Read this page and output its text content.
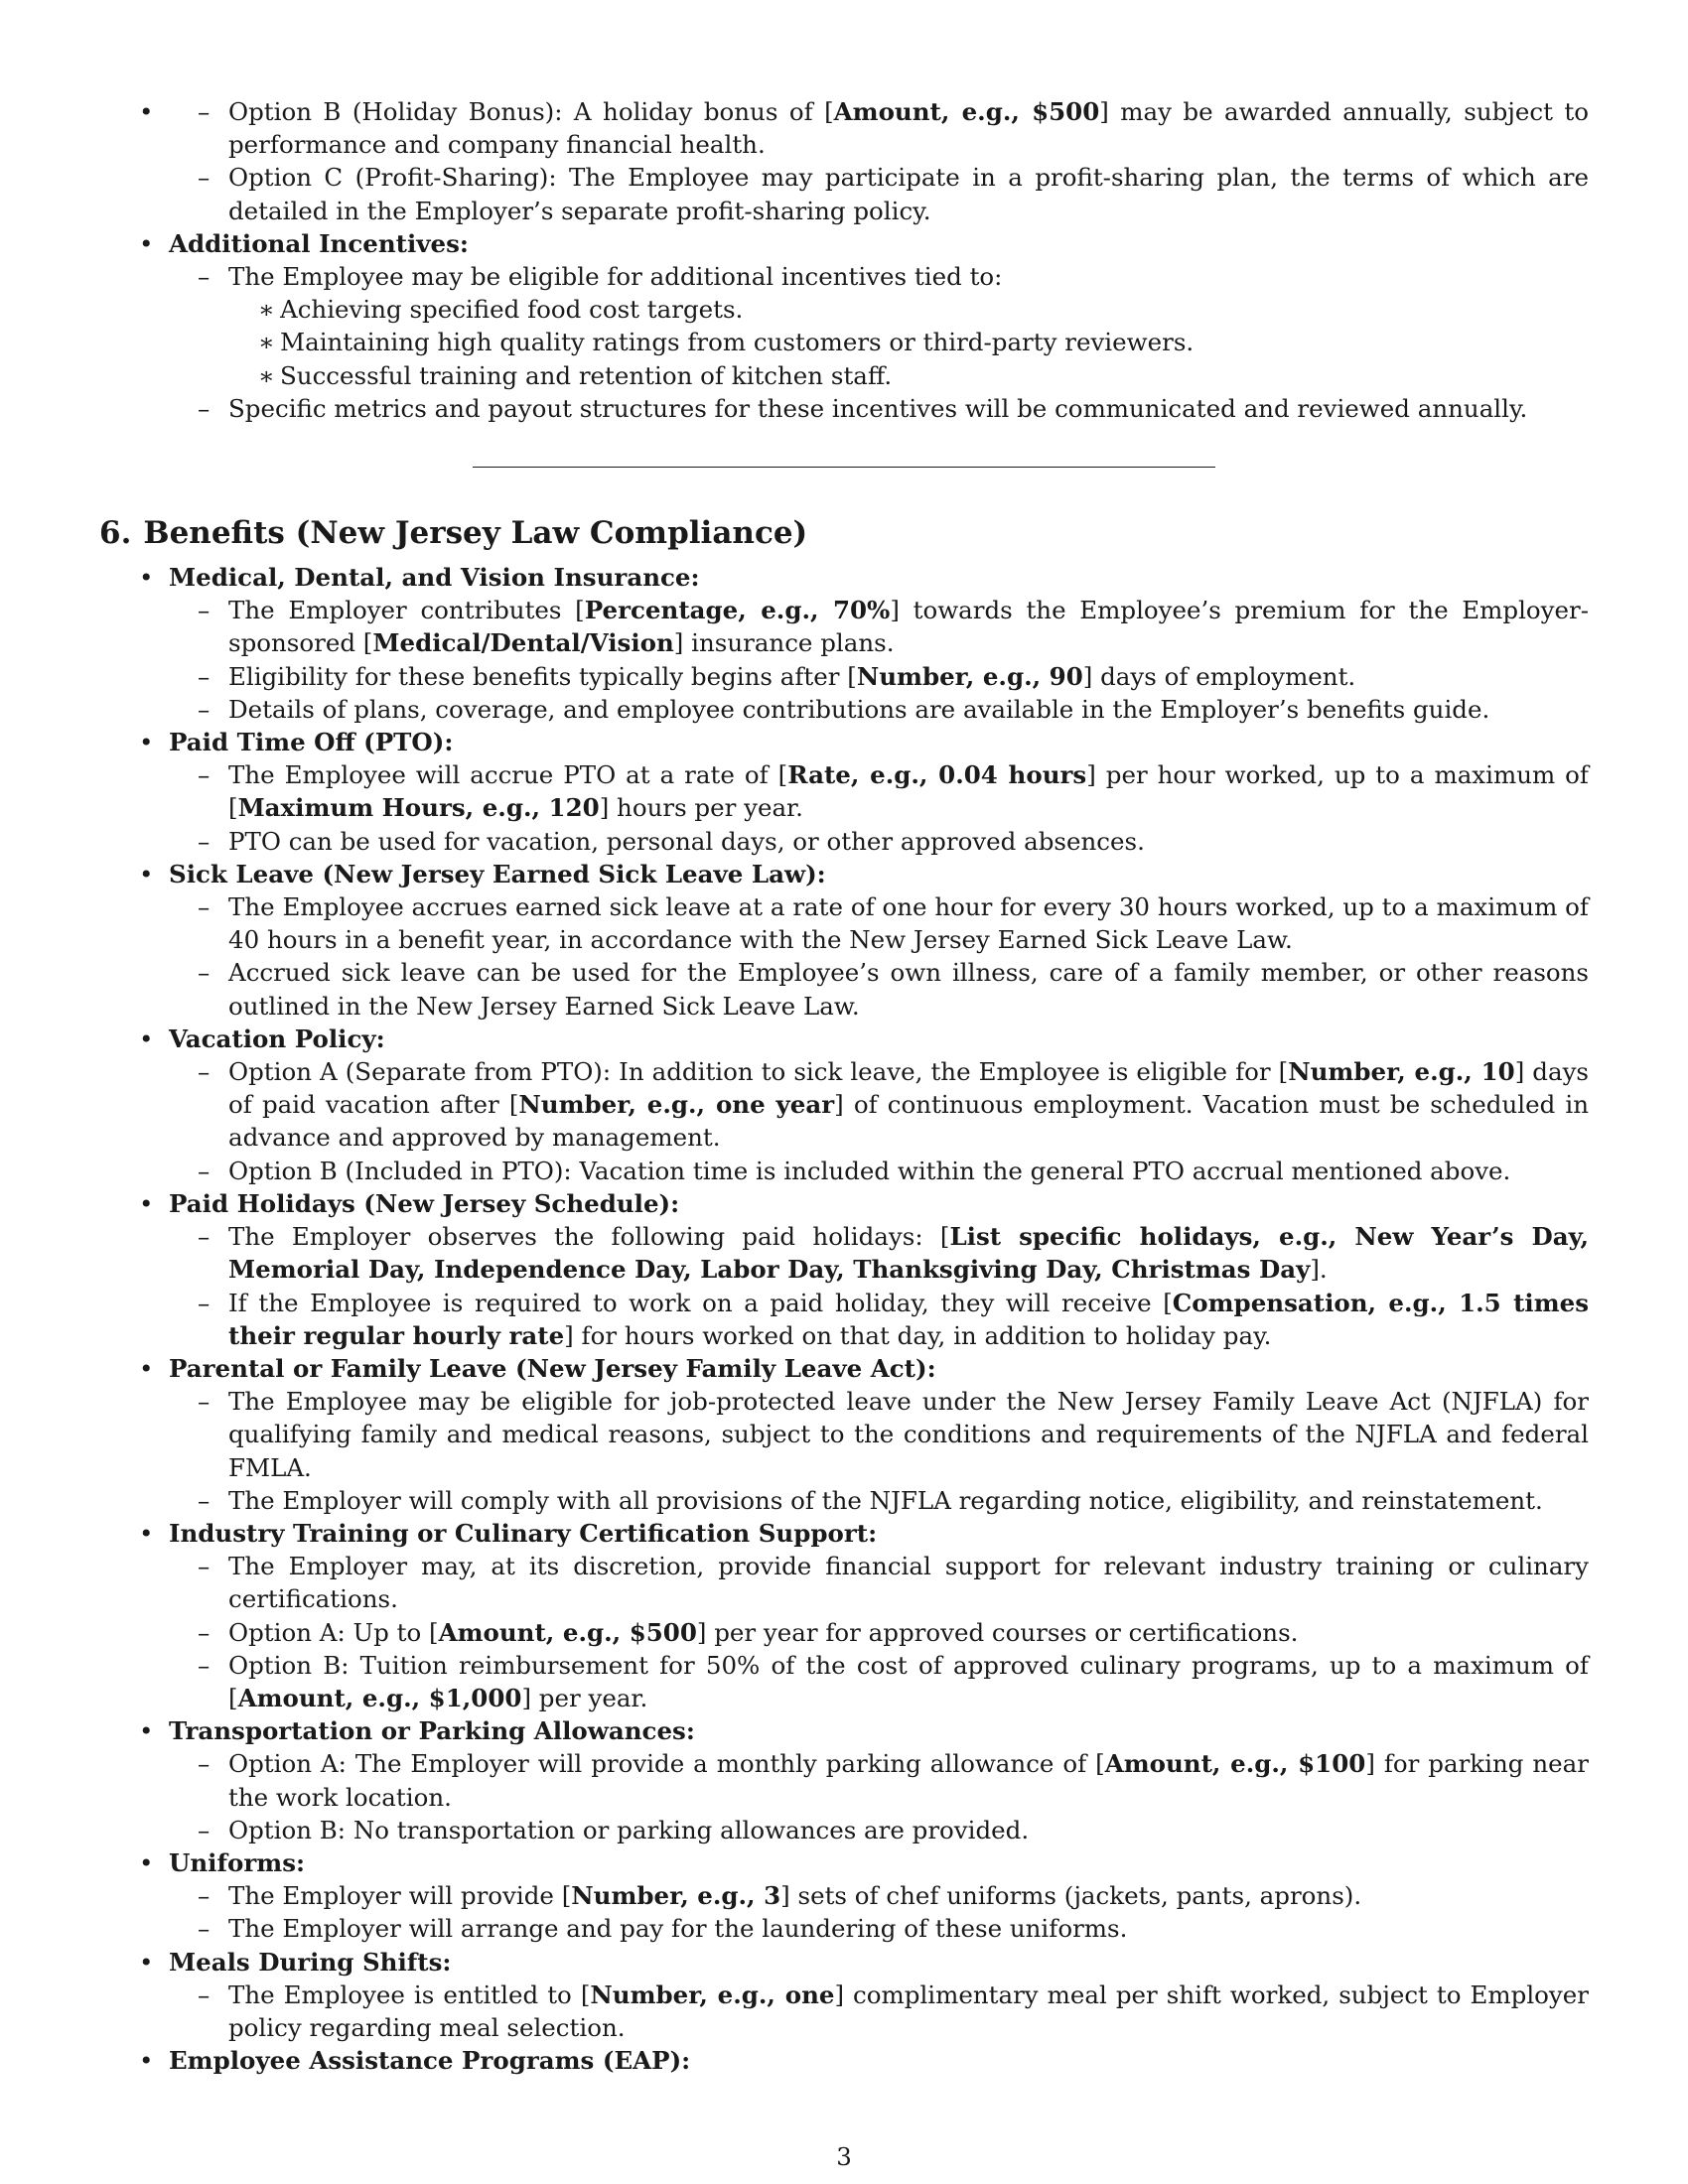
– • Option B (Holiday Bonus): A holiday bonus of [Amount, e.g., $500] may be awarded annually, subject to performance and company financial health.
– Option C (Profit-Sharing): The Employee may participate in a profit-sharing plan, the terms of which are detailed in the Employer’s separate profit-sharing policy.
• Additional Incentives:
– The Employee may be eligible for additional incentives tied to:
∗ Achieving specified food cost targets.
∗ Maintaining high quality ratings from customers or third-party reviewers.
∗ Successful training and retention of kitchen staff.
– Specific metrics and payout structures for these incentives will be communicated and reviewed annually.
6. Benefits (New Jersey Law Compliance)
• Medical, Dental, and Vision Insurance:
– The Employer contributes [Percentage, e.g., 70%] towards the Employee’s premium for the Employer-sponsored [Medical/Dental/Vision] insurance plans.
– Eligibility for these benefits typically begins after [Number, e.g., 90] days of employment.
– Details of plans, coverage, and employee contributions are available in the Employer’s benefits guide.
• Paid Time Off (PTO):
– The Employee will accrue PTO at a rate of [Rate, e.g., 0.04 hours] per hour worked, up to a maximum of [Maximum Hours, e.g., 120] hours per year.
– PTO can be used for vacation, personal days, or other approved absences.
• Sick Leave (New Jersey Earned Sick Leave Law):
– The Employee accrues earned sick leave at a rate of one hour for every 30 hours worked, up to a maximum of 40 hours in a benefit year, in accordance with the New Jersey Earned Sick Leave Law.
– Accrued sick leave can be used for the Employee’s own illness, care of a family member, or other reasons outlined in the New Jersey Earned Sick Leave Law.
• Vacation Policy:
– Option A (Separate from PTO): In addition to sick leave, the Employee is eligible for [Number, e.g., 10] days of paid vacation after [Number, e.g., one year] of continuous employment. Vacation must be scheduled in advance and approved by management.
– Option B (Included in PTO): Vacation time is included within the general PTO accrual mentioned above.
• Paid Holidays (New Jersey Schedule):
– The Employer observes the following paid holidays: [List specific holidays, e.g., New Year’s Day, Memorial Day, Independence Day, Labor Day, Thanksgiving Day, Christmas Day].
– If the Employee is required to work on a paid holiday, they will receive [Compensation, e.g., 1.5 times their regular hourly rate] for hours worked on that day, in addition to holiday pay.
• Parental or Family Leave (New Jersey Family Leave Act):
– The Employee may be eligible for job-protected leave under the New Jersey Family Leave Act (NJFLA) for qualifying family and medical reasons, subject to the conditions and requirements of the NJFLA and federal FMLA.
– The Employer will comply with all provisions of the NJFLA regarding notice, eligibility, and reinstatement.
• Industry Training or Culinary Certification Support:
– The Employer may, at its discretion, provide financial support for relevant industry training or culinary certifications.
– Option A: Up to [Amount, e.g., $500] per year for approved courses or certifications.
– Option B: Tuition reimbursement for 50% of the cost of approved culinary programs, up to a maximum of [Amount, e.g., $1,000] per year.
• Transportation or Parking Allowances:
– Option A: The Employer will provide a monthly parking allowance of [Amount, e.g., $100] for parking near the work location.
– Option B: No transportation or parking allowances are provided.
• Uniforms:
– The Employer will provide [Number, e.g., 3] sets of chef uniforms (jackets, pants, aprons).
– The Employer will arrange and pay for the laundering of these uniforms.
• Meals During Shifts:
– The Employee is entitled to [Number, e.g., one] complimentary meal per shift worked, subject to Employer policy regarding meal selection.
• Employee Assistance Programs (EAP):
3
